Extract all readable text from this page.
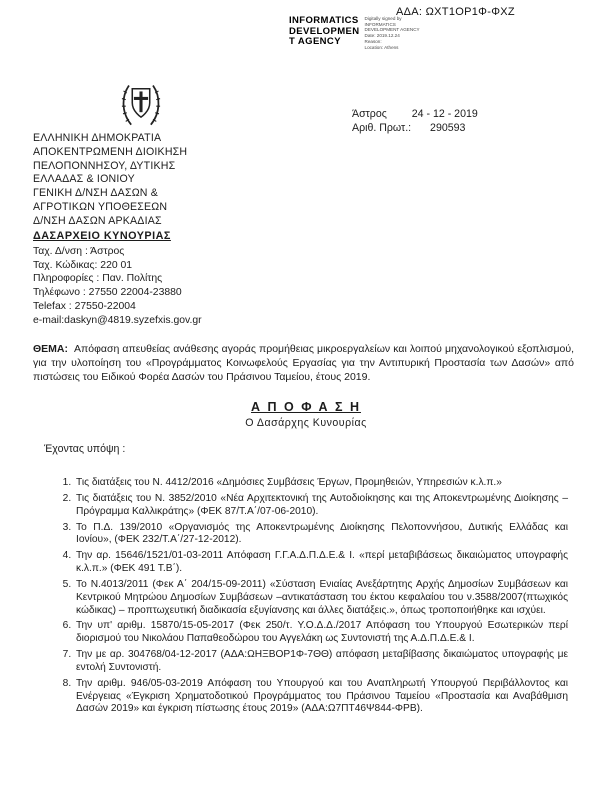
ΑΔΑ: ΩΧΤ1ΟΡ1Φ-ΦΧΖ
INFORMATICS
DEVELOPMEN
T AGENCY
Digitally signed by
INFORMATICS
DEVELOPMENT AGENCY
Date: 2019.12.24
Reason:
Location: Athens
ΕΛΛΗΝΙΚΗ ΔΗΜΟΚΡΑΤΙΑ
ΑΠΟΚΕΝΤΡΩΜΕΝΗ ΔΙΟΙΚΗΣΗ
ΠΕΛΟΠΟΝΝΗΣΟΥ, ΔΥΤΙΚΗΣ
ΕΛΛΑΔΑΣ & ΙΟΝΙΟΥ
ΓΕΝΙΚΗ Δ/ΝΣΗ ΔΑΣΩΝ &
ΑΓΡΟΤΙΚΩΝ ΥΠΟΘΕΣΕΩΝ
Δ/ΝΣΗ ΔΑΣΩΝ ΑΡΚΑΔΙΑΣ
ΔΑΣΑΡΧΕΙΟ ΚΥΝΟΥΡΙΑΣ
Ταχ. Δ/νση : Άστρος
Ταχ. Κώδικας: 220 01
Πληροφορίες : Παν. Πολίτης
Τηλέφωνο : 27550 22004-23880
Telefax : 27550-22004
e-mail:daskyn@4819.syzefxis.gov.gr
Άστρος 24 - 12 - 2019
Αριθ. Πρωτ.: 290593
ΘΕΜΑ: Απόφαση απευθείας ανάθεσης αγοράς προμήθειας μικροεργαλείων και λοιπού μηχανολογικού εξοπλισμού, για την υλοποίηση του «Προγράμματος Κοινωφελούς Εργασίας για την Αντιπυρική Προστασία των Δασών» από πιστώσεις του Ειδικού Φορέα Δασών του Πράσινου Ταμείου, έτους 2019.
Α Π Ο Φ Α Σ Η
Ο Δασάρχης Κυνουρίας
Έχοντας υπόψη :
1. Τις διατάξεις του Ν. 4412/2016 «Δημόσιες Συμβάσεις Έργων, Προμηθειών, Υπηρεσιών κ.λ.π.»
2. Τις διατάξεις του Ν. 3852/2010 «Νέα Αρχιτεκτονική της Αυτοδιοίκησης και της Αποκεντρωμένης Διοίκησης – Πρόγραμμα Καλλικράτης» (ΦΕΚ 87/Τ.Α΄/07-06-2010).
3. Το Π.Δ. 139/2010 «Οργανισμός της Αποκεντρωμένης Διοίκησης Πελοποννήσου, Δυτικής Ελλάδας και Ιονίου», (ΦΕΚ 232/Τ.Α΄/27-12-2012).
4. Την αρ. 15646/1521/01-03-2011 Απόφαση Γ.Γ.Α.Δ.Π.Δ.Ε.& Ι. «περί μεταβιβάσεως δικαιώματος υπογραφής κ.λ.π.» (ΦΕΚ 491 Τ.Β΄).
5. Το Ν.4013/2011 (Φεκ Α΄ 204/15-09-2011) «Σύσταση Ενιαίας Ανεξάρτητης Αρχής Δημοσίων Συμβάσεων και Κεντρικού Μητρώου Δημοσίων Συμβάσεων –αντικατάσταση του έκτου κεφαλαίου του ν.3588/2007(πτωχικός κώδικας) – προπτωχευτική διαδικασία εξυγίανσης και άλλες διατάξεις.», όπως τροποποιήθηκε και ισχύει.
6. Την υπ' αριθμ. 15870/15-05-2017 (Φεκ 250/τ. Υ.Ο.Δ.Δ./2017 Απόφαση του Υπουργού Εσωτερικών περί διορισμού του Νικολάου Παπαθεοδώρου του Αγγελάκη ως Συντονιστή της Α.Δ.Π.Δ.Ε.& Ι.
7. Την με αρ. 304768/04-12-2017 (ΑΔΑ:ΩΗΞΒΟΡ1Φ-7ΘΘ) απόφαση μεταβίβασης δικαιώματος υπογραφής με εντολή Συντονιστή.
8. Την αριθμ. 946/05-03-2019 Απόφαση του Υπουργού και του Αναπληρωτή Υπουργού Περιβάλλοντος και Ενέργειας «Έγκριση Χρηματοδοτικού Προγράμματος του Πράσινου Ταμείου «Προστασία και Αναβάθμιση Δασών 2019» και έγκριση πίστωσης έτους 2019» (ΑΔΑ:Ω7ΠΤ46Ψ844-ΦΡΒ).
